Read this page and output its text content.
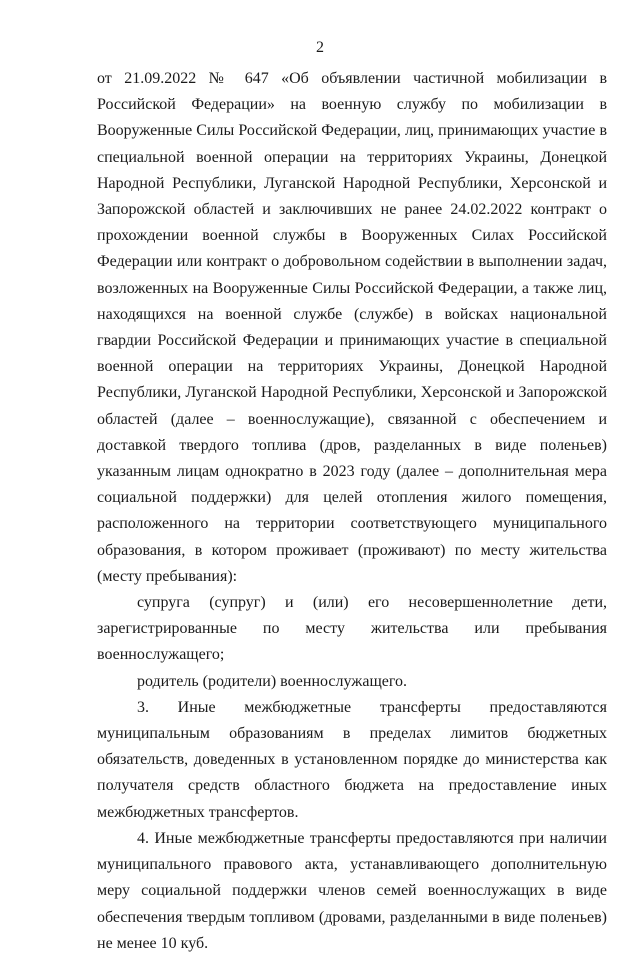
2

от 21.09.2022 № 647 «Об объявлении частичной мобилизации в Российской Федерации» на военную службу по мобилизации в Вооруженные Силы Российской Федерации, лиц, принимающих участие в специальной военной операции на территориях Украины, Донецкой Народной Республики, Луганской Народной Республики, Херсонской и Запорожской областей и заключивших не ранее 24.02.2022 контракт о прохождении военной службы в Вооруженных Силах Российской Федерации или контракт о добровольном содействии в выполнении задач, возложенных на Вооруженные Силы Российской Федерации, а также лиц, находящихся на военной службе (службе) в войсках национальной гвардии Российской Федерации и принимающих участие в специальной военной операции на территориях Украины, Донецкой Народной Республики, Луганской Народной Республики, Херсонской и Запорожской областей (далее – военнослужащие), связанной с обеспечением и доставкой твердого топлива (дров, разделанных в виде поленьев) указанным лицам однократно в 2023 году (далее – дополнительная мера социальной поддержки) для целей отопления жилого помещения, расположенного на территории соответствующего муниципального образования, в котором проживает (проживают) по месту жительства (месту пребывания):

супруга (супруг) и (или) его несовершеннолетние дети, зарегистрированные по месту жительства или пребывания военнослужащего;

родитель (родители) военнослужащего.

3. Иные межбюджетные трансферты предоставляются муниципальным образованиям в пределах лимитов бюджетных обязательств, доведенных в установленном порядке до министерства как получателя средств областного бюджета на предоставление иных межбюджетных трансфертов.

4. Иные межбюджетные трансферты предоставляются при наличии муниципального правового акта, устанавливающего дополнительную меру социальной поддержки членов семей военнослужащих в виде обеспечения твердым топливом (дровами, разделанными в виде поленьев) не менее 10 куб.
